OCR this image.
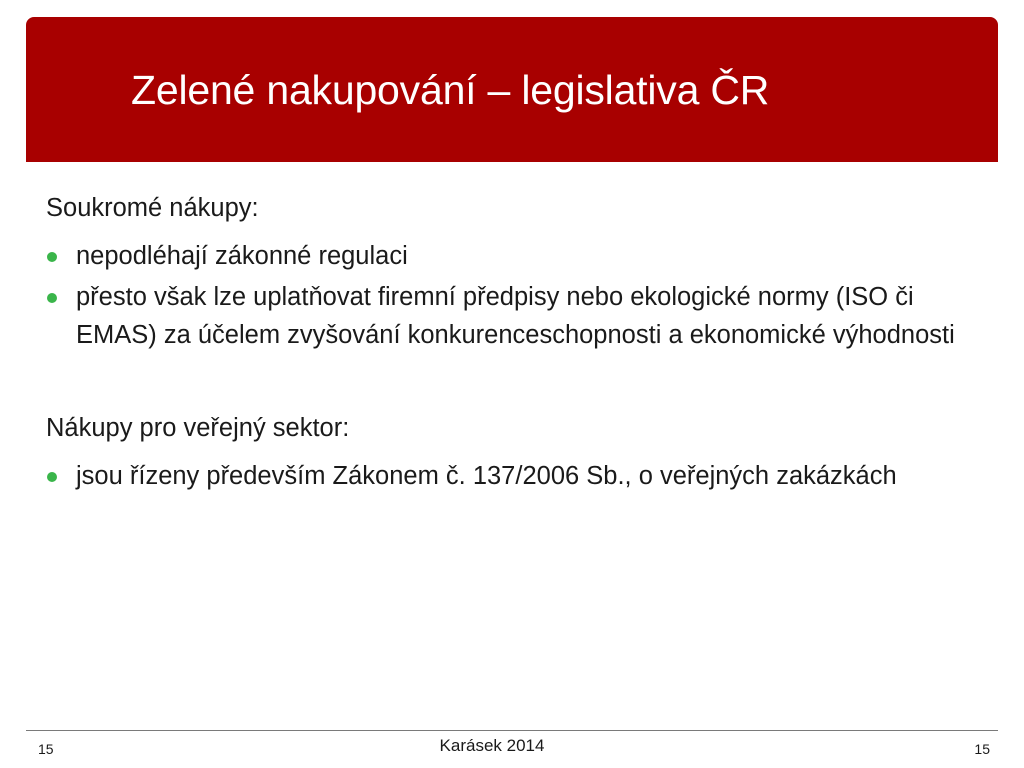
Zelené nakupování – legislativa ČR
Soukromé nákupy:
nepodléhají zákonné regulaci
přesto však lze uplatňovat firemní předpisy nebo ekologické normy (ISO či EMAS) za účelem zvyšování konkurenceschopnosti a ekonomické výhodnosti
Nákupy pro veřejný sektor:
jsou řízeny především Zákonem č. 137/2006 Sb., o veřejných zakázkách
15	Karásek 2014	15
